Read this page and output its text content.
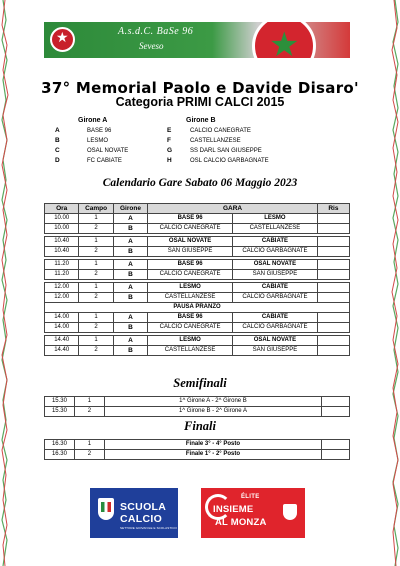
★
A.s.d.C. BaSe 96
Seveso
★
37° Memorial Paolo e Davide Disaro'
Categoria PRIMI CALCI 2015
Girone A	Girone B
A	BASE 96
B	LESMO
C	OSAL NOVATE
D	FC CABIATE
E	CALCIO CANEGRATE
F	CASTELLANZESE
G	SS DARL SAN GIUSEPPE
H	OSL CALCIO GARBAGNATE
Calendario Gare Sabato 06 Maggio 2023
Ora	Campo	Girone	GARA		Ris
10.00	1	A	BASE 96	LESMO	
10.00	2	B	CALCIO CANEGRATE	CASTELLANZESE	

10.40	1	A	OSAL NOVATE	CABIATE	
10.40	2	B	SAN GIUSEPPE	CALCIO GARBAGNATE	

11.20	1	A	BASE 96	OSAL NOVATE	
11.20	2	B	CALCIO CANEGRATE	SAN GIUSEPPE	

12.00	1	A	LESMO	CABIATE	
12.00	2	B	CASTELLANZESE	CALCIO GARBAGNATE	
PAUSA PRANZO					
14.00	1	A	BASE 96	CABIATE	
14.00	2	B	CALCIO CANEGRATE	CALCIO GARBAGNATE	

14.40	1	A	LESMO	OSAL NOVATE	
14.40	2	B	CASTELLANZESE	SAN GIUSEPPE	
Semifinali
15.30	1	1^ Girone A - 2^ Girone B	
15.30	2	1^ Girone B - 2^ Girone A	
Finali
16.30	1	Finale 3° - 4° Posto	
16.30	2	Finale 1° - 2° Posto	
SCUOLA
CALCIO
SETTORE GIOVANILE E SCOLASTICO
ÉLITE
INSIEME
AL MONZA
